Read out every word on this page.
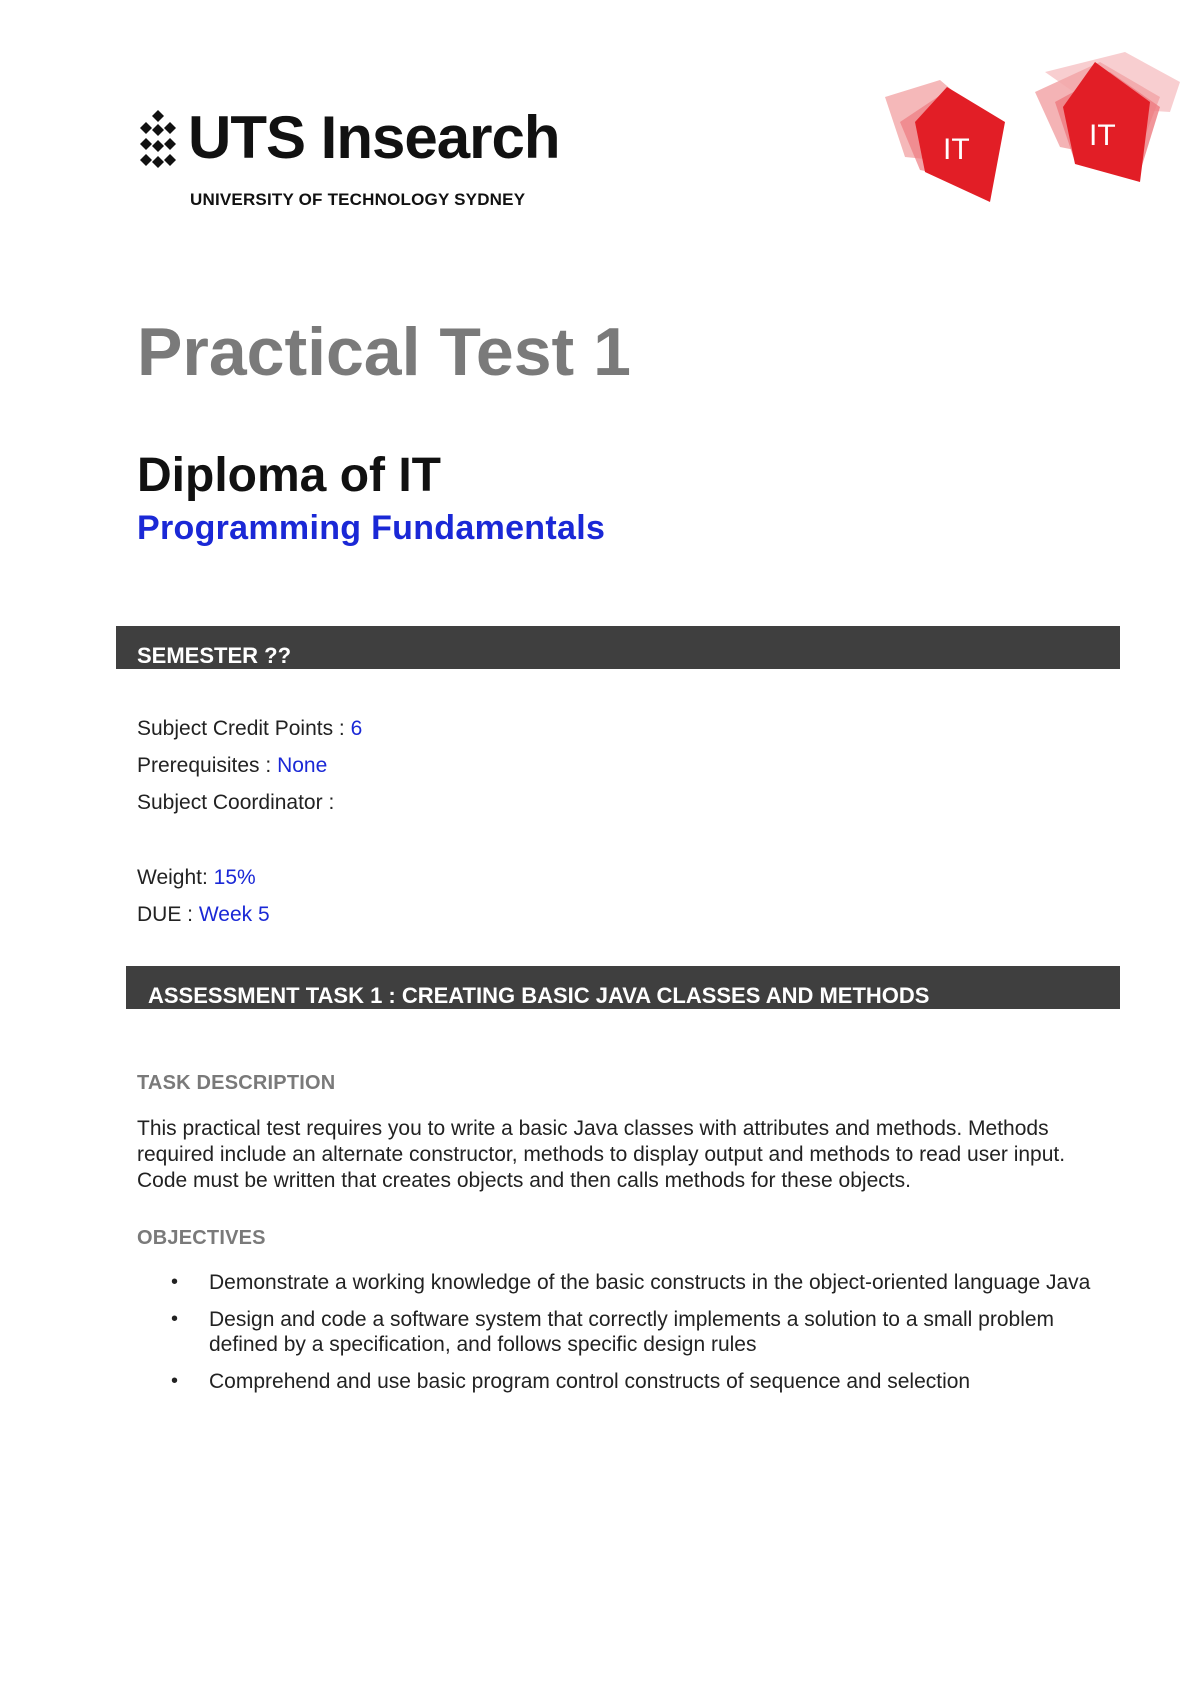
UTS Insearch
UNIVERSITY OF TECHNOLOGY SYDNEY
IT	IT
Practical Test 1
Diploma of IT
Programming Fundamentals
SEMESTER ??
Subject Credit Points : 6
Prerequisites : None
Subject Coordinator :
Weight: 15%
DUE : Week 5
ASSESSMENT TASK 1 : CREATING BASIC JAVA CLASSES AND METHODS
TASK DESCRIPTION
This practical test requires you to write a basic Java classes with attributes and methods. Methods required include an alternate constructor, methods to display output and methods to read user input. Code must be written that creates objects and then calls methods for these objects.
OBJECTIVES
• Demonstrate a working knowledge of the basic constructs in the object-oriented language Java
• Design and code a software system that correctly implements a solution to a small problem defined by a specification, and follows specific design rules
• Comprehend and use basic program control constructs of sequence and selection
